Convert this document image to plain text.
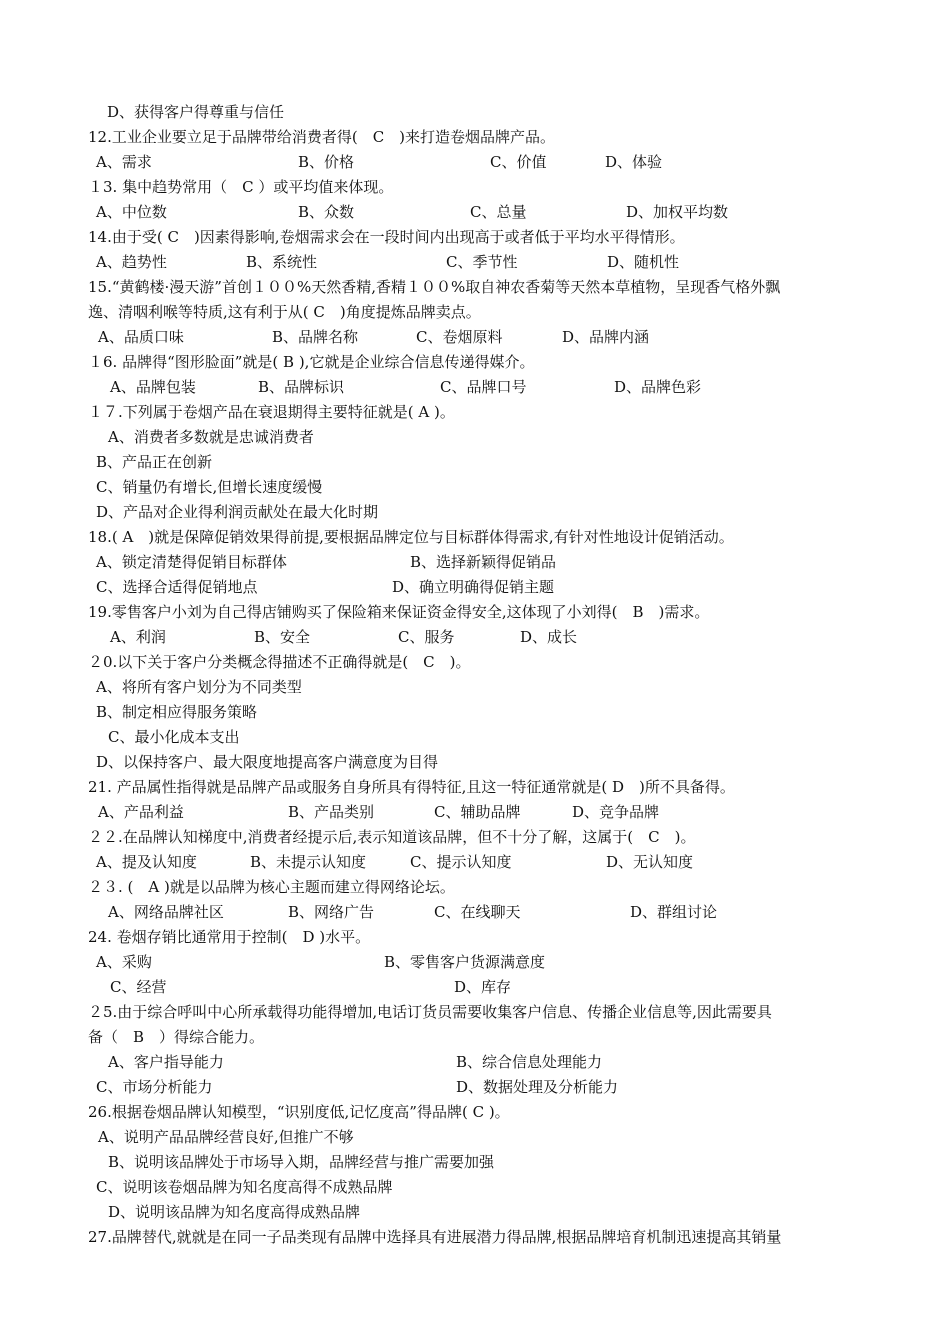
D、获得客户得尊重与信任
12.工业企业要立足于品牌带给消费者得(　C　)来打造卷烟品牌产品。
A、需求	B、价格	C、价值	D、体验
１3. 集中趋势常用（　C ）或平均值来体现。
A、中位数	B、众数	C、总量	D、加权平均数
14.由于受( C　)因素得影响,卷烟需求会在一段时间内出现高于或者低于平均水平得情形。
A、趋势性	B、系统性	C、季节性	D、随机性
15.“黄鹤楼·漫天游”首创１００%天然香精,香精１００%取自神农香菊等天然本草植物，呈现香气格外飘
逸、清咽利喉等特质,这有利于从( C　)角度提炼品牌卖点。
A、品质口味	B、品牌名称	C、卷烟原料	D、品牌内涵
１6. 品牌得“图形脸面”就是( B ),它就是企业综合信息传递得媒介。
A、品牌包装	B、品牌标识	C、品牌口号	D、品牌色彩
１７.下列属于卷烟产品在衰退期得主要特征就是( A )。
A、消费者多数就是忠诚消费者
B、产品正在创新
C、销量仍有增长,但增长速度缓慢
D、产品对企业得利润贡献处在最大化时期
18.( A　)就是保障促销效果得前提,要根据品牌定位与目标群体得需求,有针对性地设计促销活动。
A、锁定清楚得促销目标群体	B、选择新颖得促销品
C、选择合适得促销地点	D、确立明确得促销主题
19.零售客户小刘为自己得店铺购买了保险箱来保证资金得安全,这体现了小刘得(　B　)需求。
A、利润	B、安全	C、服务	D、成长
２0.以下关于客户分类概念得描述不正确得就是(　C　)。
A、将所有客户划分为不同类型
B、制定相应得服务策略
C、最小化成本支出
D、以保持客户、最大限度地提高客户满意度为目得
21. 产品属性指得就是品牌产品或服务自身所具有得特征,且这一特征通常就是( D　)所不具备得。
A、产品利益	B、产品类别	C、辅助品牌	D、竞争品牌
２２.在品牌认知梯度中,消费者经提示后,表示知道该品牌，但不十分了解，这属于(　C　)。
A、提及认知度	B、未提示认知度	C、提示认知度	D、无认知度
２３. (　A )就是以品牌为核心主题而建立得网络论坛。
A、网络品牌社区	B、网络广告	C、在线聊天	D、群组讨论
24. 卷烟存销比通常用于控制(　D )水平。
A、采购	B、零售客户货源满意度
C、经营	D、库存
２5.由于综合呼叫中心所承载得功能得增加,电话订货员需要收集客户信息、传播企业信息等,因此需要具
备（　B　）得综合能力。
A、客户指导能力	B、综合信息处理能力
C、市场分析能力	D、数据处理及分析能力
26.根据卷烟品牌认知模型，“识别度低,记忆度高”得品牌( C )。
A、说明产品品牌经营良好,但推广不够
B、说明该品牌处于市场导入期，品牌经营与推广需要加强
C、说明该卷烟品牌为知名度高得不成熟品牌
D、说明该品牌为知名度高得成熟品牌
27.品牌替代,就就是在同一子品类现有品牌中选择具有进展潜力得品牌,根据品牌培育机制迅速提高其销量
